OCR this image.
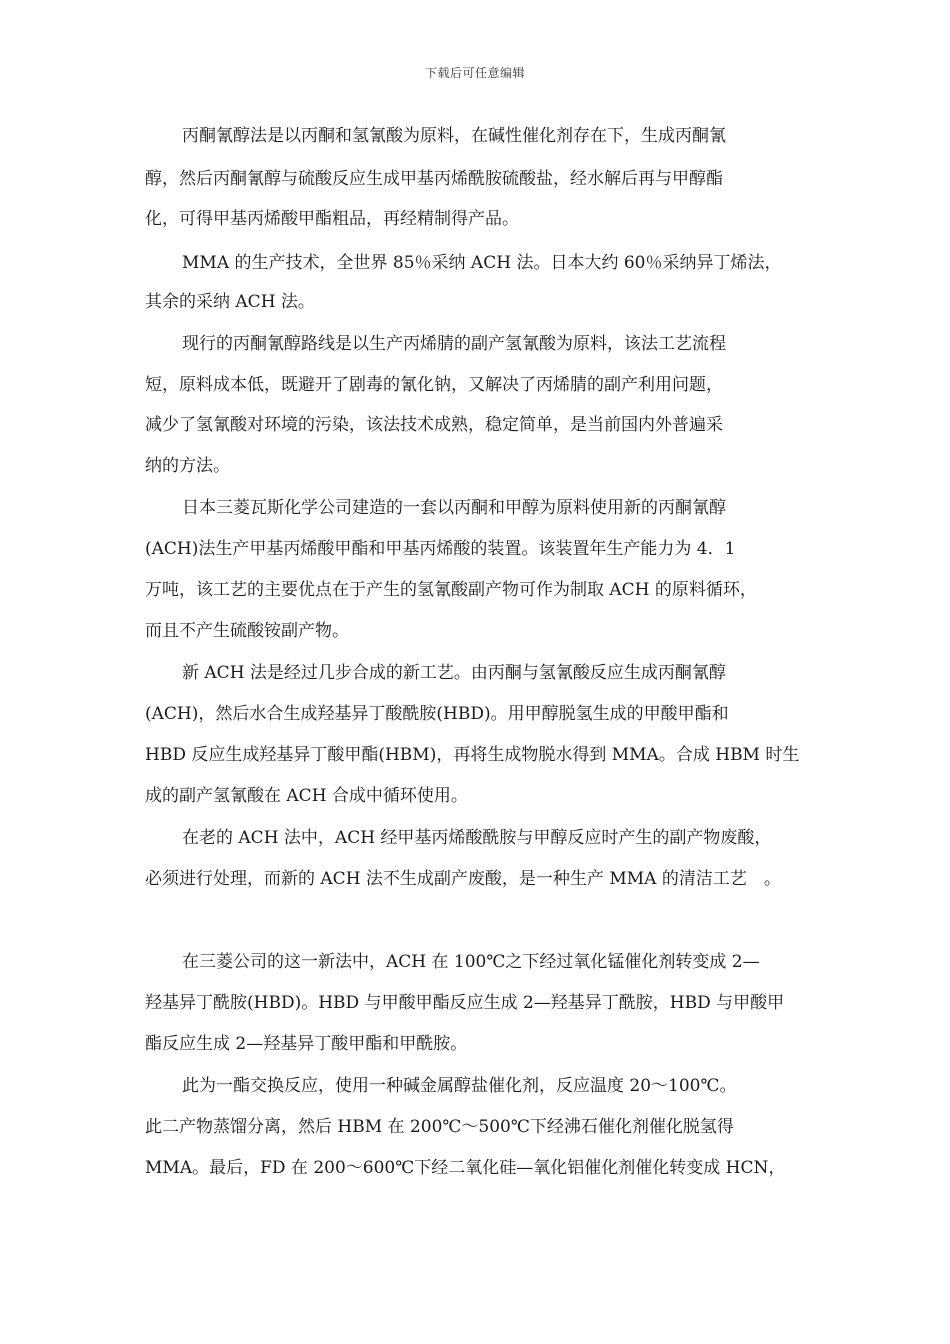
下载后可任意编辑
丙酮氰醇法是以丙酮和氢氰酸为原料，在碱性催化剂存在下，生成丙酮氰
醇，然后丙酮氰醇与硫酸反应生成甲基丙烯酰胺硫酸盐，经水解后再与甲醇酯
化，可得甲基丙烯酸甲酯粗品，再经精制得产品。
MMA 的生产技术，全世界 85％采纳 ACH 法。日本大约 60％采纳异丁烯法，
其余的采纳 ACH 法。
现行的丙酮氰醇路线是以生产丙烯腈的副产氢氰酸为原料，该法工艺流程
短，原料成本低，既避开了剧毒的氰化钠，又解决了丙烯腈的副产利用问题，
减少了氢氰酸对环境的污染，该法技术成熟，稳定简单，是当前国内外普遍采
纳的方法。
日本三菱瓦斯化学公司建造的一套以丙酮和甲醇为原料使用新的丙酮氰醇
(ACH)法生产甲基丙烯酸甲酯和甲基丙烯酸的装置。该装置年生产能力为 4．1
万吨，该工艺的主要优点在于产生的氢氰酸副产物可作为制取 ACH 的原料循环，
而且不产生硫酸铵副产物。
新 ACH 法是经过几步合成的新工艺。由丙酮与氢氰酸反应生成丙酮氰醇
(ACH)，然后水合生成羟基异丁酸酰胺(HBD)。用甲醇脱氢生成的甲酸甲酯和
HBD 反应生成羟基异丁酸甲酯(HBM)，再将生成物脱水得到 MMA。合成 HBM 时生
成的副产氢氰酸在 ACH 合成中循环使用。
在老的 ACH 法中，ACH 经甲基丙烯酸酰胺与甲醇反应时产生的副产物废酸，
必须进行处理，而新的 ACH 法不生成副产废酸，是一种生产 MMA 的清洁工艺　。
在三菱公司的这一新法中，ACH 在 100℃之下经过氧化锰催化剂转变成 2—
羟基异丁酰胺(HBD)。HBD 与甲酸甲酯反应生成 2—羟基异丁酰胺，HBD 与甲酸甲
酯反应生成 2—羟基异丁酸甲酯和甲酰胺。
此为一酯交换反应，使用一种碱金属醇盐催化剂，反应温度 20～100℃。
此二产物蒸馏分离，然后 HBM 在 200℃～500℃下经沸石催化剂催化脱氢得
MMA。最后，FD 在 200～600℃下经二氧化硅—氧化铝催化剂催化转变成 HCN，
